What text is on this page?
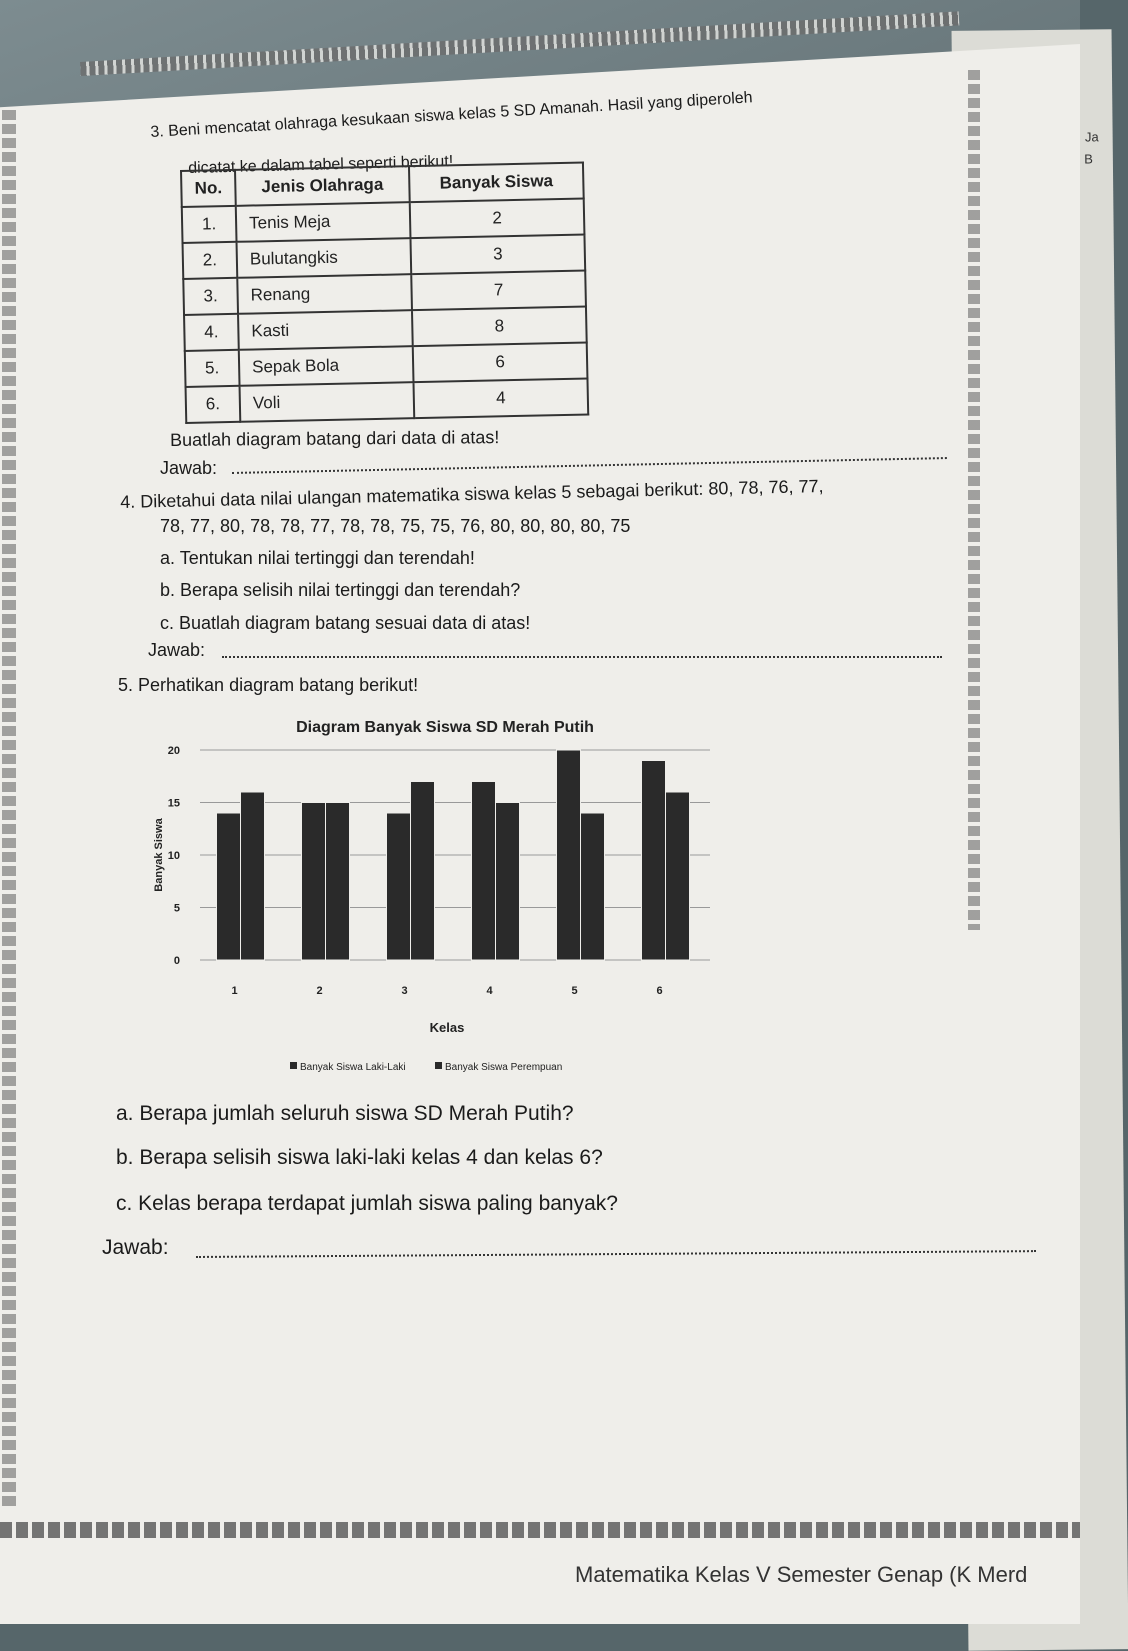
Ja
B
3. Beni mencatat olahraga kesukaan siswa kelas 5 SD Amanah. Hasil yang diperoleh
dicatat ke dalam tabel seperti berikut!
No.	Jenis Olahraga	Banyak Siswa
1.	Tenis Meja	2
2.	Bulutangkis	3
3.	Renang	7
4.	Kasti	8
5.	Sepak Bola	6
6.	Voli	4
Buatlah diagram batang dari data di atas!
Jawab:
4. Diketahui data nilai ulangan matematika siswa kelas 5 sebagai berikut: 80, 78, 76, 77,
78, 77, 80, 78, 78, 77, 78, 78, 75, 75, 76, 80, 80, 80, 80, 75
a. Tentukan nilai tertinggi dan terendah!
b. Berapa selisih nilai tertinggi dan terendah?
c. Buatlah diagram batang sesuai data di atas!
Jawab:
5. Perhatikan diagram batang berikut!
Diagram Banyak Siswa SD Merah Putih
0
5
10
15
20
Banyak Siswa
1	2	3	4	5	6
Kelas
Banyak Siswa Laki-Laki	Banyak Siswa Perempuan
a. Berapa jumlah seluruh siswa SD Merah Putih?
b. Berapa selisih siswa laki-laki kelas 4 dan kelas 6?
c. Kelas berapa terdapat jumlah siswa paling banyak?
Jawab:
Matematika Kelas V Semester Genap (K Merd
